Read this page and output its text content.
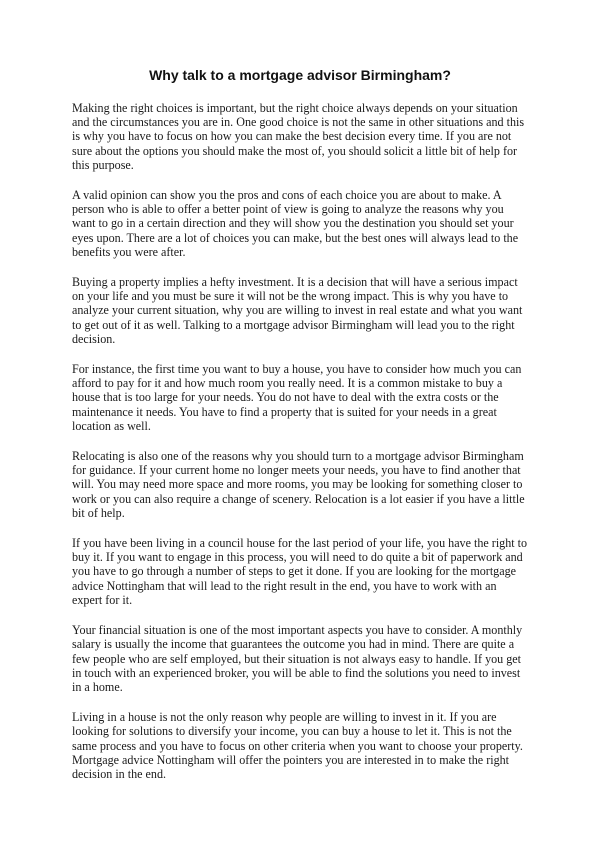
Why talk to a mortgage advisor Birmingham?

Making the right choices is important, but the right choice always depends on your situation and the circumstances you are in. One good choice is not the same in other situations and this is why you have to focus on how you can make the best decision every time. If you are not sure about the options you should make the most of, you should solicit a little bit of help for this purpose.

A valid opinion can show you the pros and cons of each choice you are about to make. A person who is able to offer a better point of view is going to analyze the reasons why you want to go in a certain direction and they will show you the destination you should set your eyes upon. There are a lot of choices you can make, but the best ones will always lead to the benefits you were after.

Buying a property implies a hefty investment. It is a decision that will have a serious impact on your life and you must be sure it will not be the wrong impact. This is why you have to analyze your current situation, why you are willing to invest in real estate and what you want to get out of it as well. Talking to a mortgage advisor Birmingham will lead you to the right decision.

For instance, the first time you want to buy a house, you have to consider how much you can afford to pay for it and how much room you really need. It is a common mistake to buy a house that is too large for your needs. You do not have to deal with the extra costs or the maintenance it needs. You have to find a property that is suited for your needs in a great location as well.

Relocating is also one of the reasons why you should turn to a mortgage advisor Birmingham for guidance. If your current home no longer meets your needs, you have to find another that will. You may need more space and more rooms, you may be looking for something closer to work or you can also require a change of scenery. Relocation is a lot easier if you have a little bit of help.

If you have been living in a council house for the last period of your life, you have the right to buy it. If you want to engage in this process, you will need to do quite a bit of paperwork and you have to go through a number of steps to get it done. If you are looking for the mortgage advice Nottingham that will lead to the right result in the end, you have to work with an expert for it.

Your financial situation is one of the most important aspects you have to consider. A monthly salary is usually the income that guarantees the outcome you had in mind. There are quite a few people who are self employed, but their situation is not always easy to handle. If you get in touch with an experienced broker, you will be able to find the solutions you need to invest in a home.

Living in a house is not the only reason why people are willing to invest in it. If you are looking for solutions to diversify your income, you can buy a house to let it. This is not the same process and you have to focus on other criteria when you want to choose your property. Mortgage advice Nottingham will offer the pointers you are interested in to make the right decision in the end.
